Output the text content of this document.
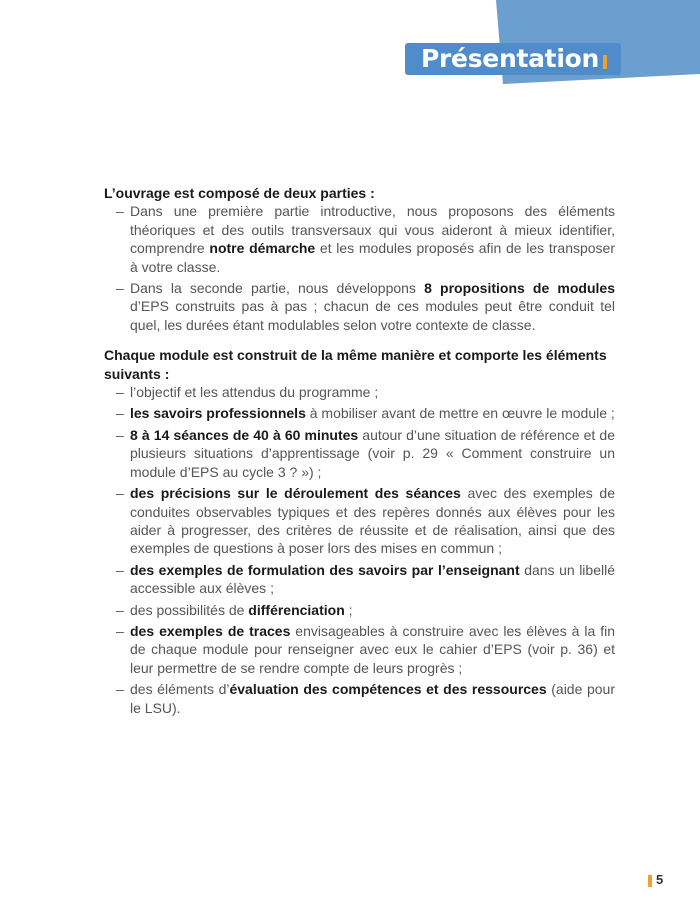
Présentation

L’ouvrage est composé de deux parties :

– Dans une première partie introductive, nous proposons des éléments théoriques et des outils transversaux qui vous aideront à mieux identifier, comprendre notre démarche et les modules proposés afin de les transposer à votre classe.
– Dans la seconde partie, nous développons 8 propositions de modules d’EPS construits pas à pas ; chacun de ces modules peut être conduit tel quel, les durées étant modulables selon votre contexte de classe.

Chaque module est construit de la même manière et comporte les éléments suivants :

– l’objectif et les attendus du programme ;
– les savoirs professionnels à mobiliser avant de mettre en œuvre le module ;
– 8 à 14 séances de 40 à 60 minutes autour d’une situation de référence et de plusieurs situations d’apprentissage (voir p. 29 « Comment construire un module d’EPS au cycle 3 ? ») ;
– des précisions sur le déroulement des séances avec des exemples de conduites observables typiques et des repères donnés aux élèves pour les aider à progresser, des critères de réussite et de réalisation, ainsi que des exemples de questions à poser lors des mises en commun ;
– des exemples de formulation des savoirs par l’enseignant dans un libellé accessible aux élèves ;
– des possibilités de différenciation ;
– des exemples de traces envisageables à construire avec les élèves à la fin de chaque module pour renseigner avec eux le cahier d’EPS (voir p. 36) et leur permettre de se rendre compte de leurs progrès ;
– des éléments d’évaluation des compétences et des ressources (aide pour le LSU).
5
